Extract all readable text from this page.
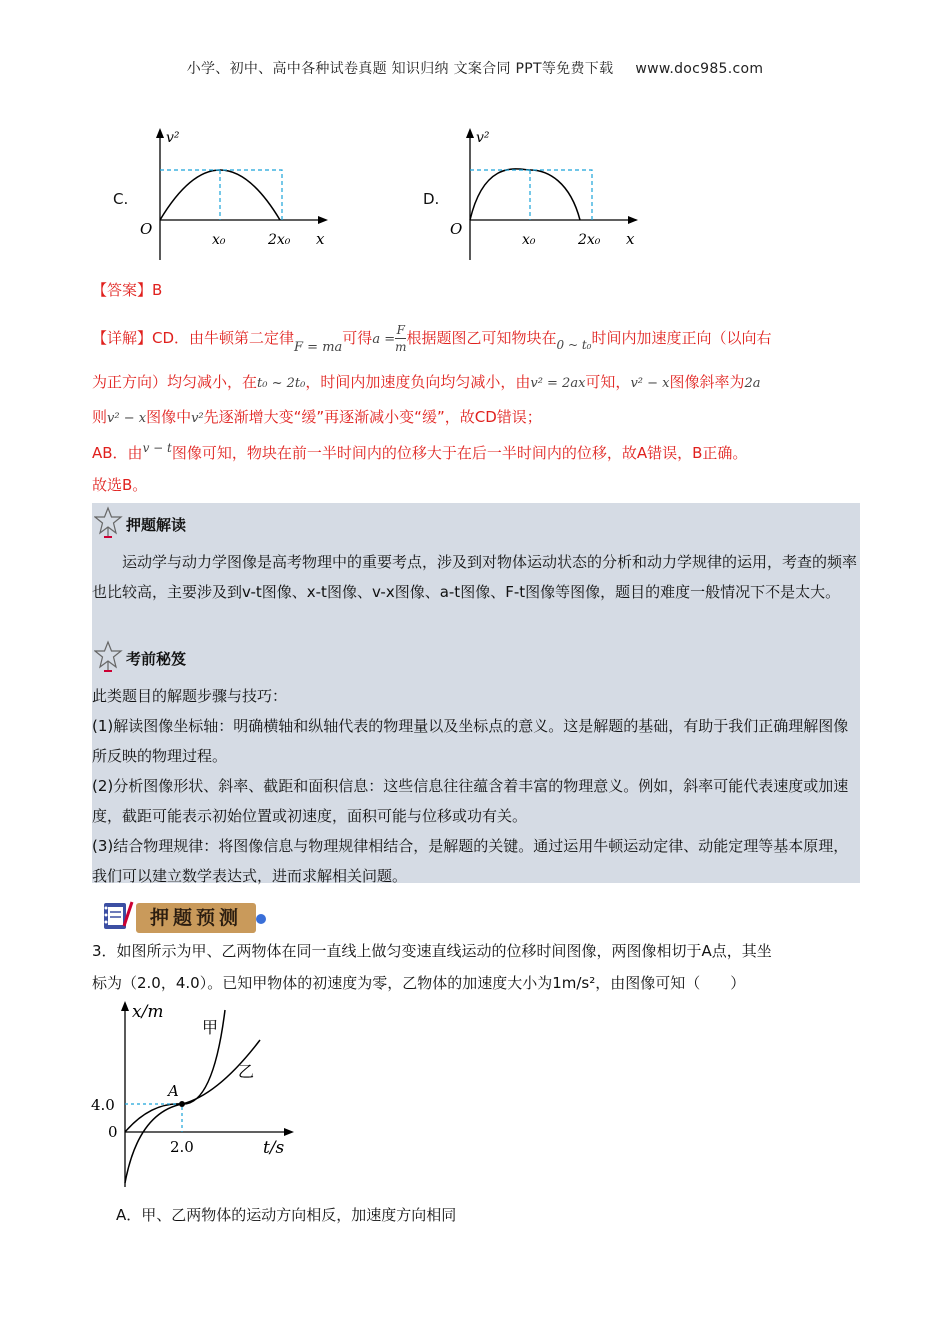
小学、初中、高中各种试卷真题 知识归纳 文案合同 PPT等免费下载 www.doc985.com
C.
v²
O
x₀	2x₀ x
D.
v²
O
x₀	2x₀ x
【答案】B
【详解】CD．由牛顿第二定律F = ma可得$a = \frac{F}{m}$ 根据题图乙可知物块在$_{0 \sim t_0}$时间内加速度正向（以向右
为正方向）均匀减小，在t₀ ~ 2t₀，时间内加速度负向均匀减小，由v² = 2ax可知，v² − x图像斜率为2a
则v² − x图像中v²先逐渐增大变“缓”再逐渐减小变“缓”，故CD错误；
AB．由$^{v - t}$图像可知，物块在前一半时间内的位移大于在后一半时间内的位移，故A错误，B正确。
故选B。
押题解读
运动学与动力学图像是高考物理中的重要考点，涉及到对物体运动状态的分析和动力学规律的运用，考查的频率也比较高，主要涉及到v-t图像、x-t图像、v-x图像、a-t图像、F-t图像等图像，题目的难度一般情况下不是太大。
考前秘笈
此类题目的解题步骤与技巧：
(1)解读图像坐标轴：明确横轴和纵轴代表的物理量以及坐标点的意义。这是解题的基础，有助于我们正确理解图像所反映的物理过程。
(2)分析图像形状、斜率、截距和面积信息：这些信息往往蕴含着丰富的物理意义。例如，斜率可能代表速度或加速度，截距可能表示初始位置或初速度，面积可能与位移或功有关。
(3)结合物理规律：将图像信息与物理规律相结合，是解题的关键。通过运用牛顿运动定律、动能定理等基本原理，我们可以建立数学表达式，进而求解相关问题。
押题预测
3．如图所示为甲、乙两物体在同一直线上做匀变速直线运动的位移时间图像，两图像相切于A点，其坐
标为（2.0，4.0）。已知甲物体的初速度为零，乙物体的加速度大小为1m/s²，由图像可知（　　）
x/m
甲
乙
A
4.0
0
2.0	t/s
A．甲、乙两物体的运动方向相反，加速度方向相同
